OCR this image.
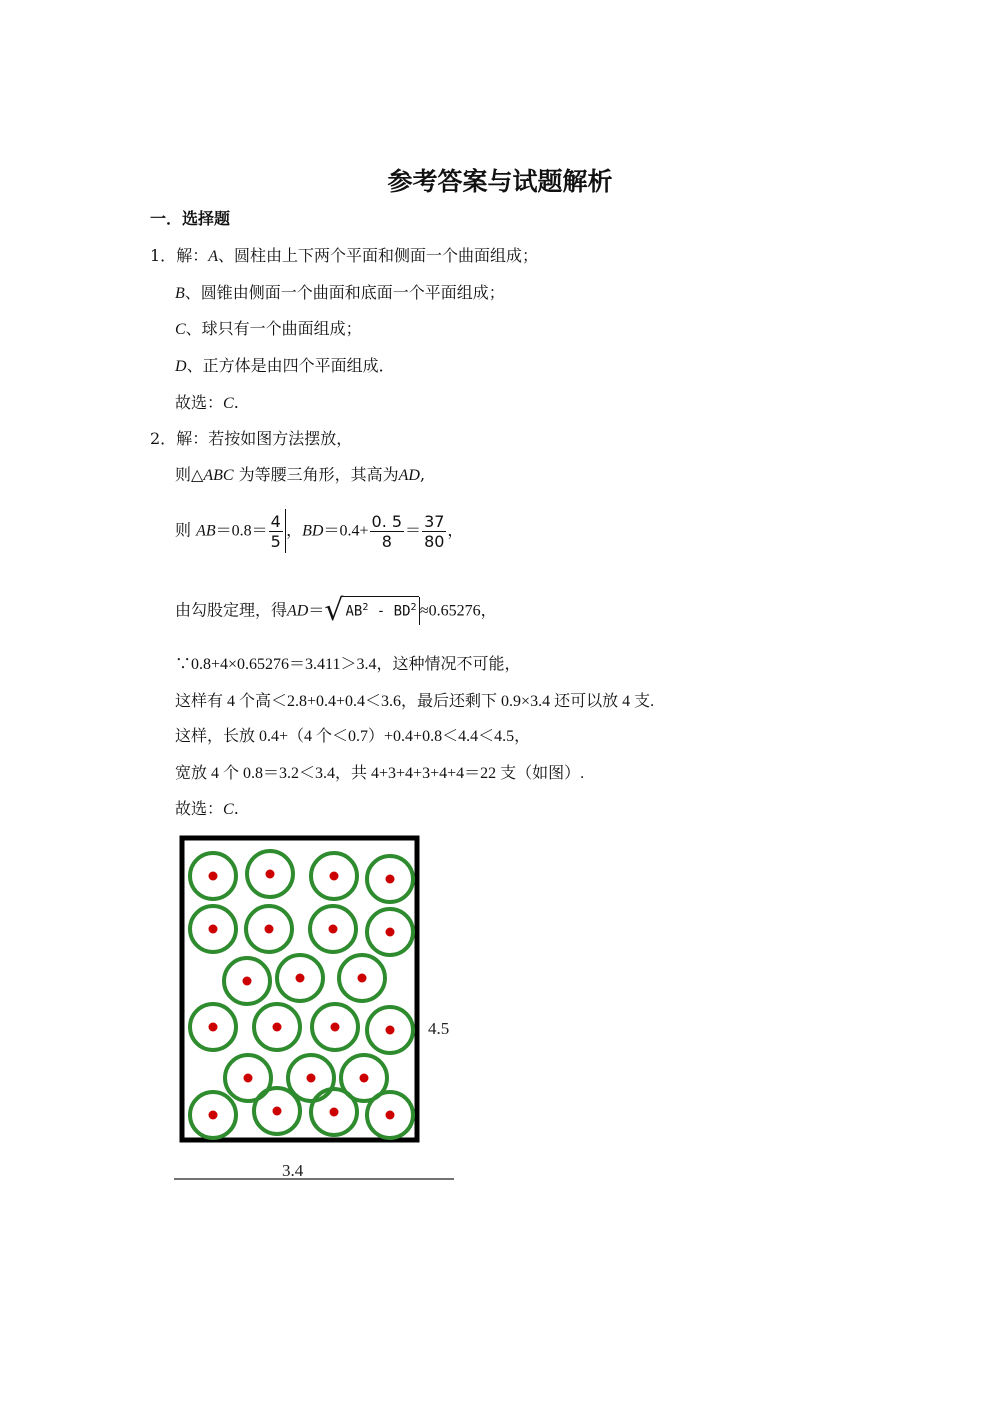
参考答案与试题解析
一．选择题
1．解：A、圆柱由上下两个平面和侧面一个曲面组成；
B、圆锥由侧面一个曲面和底面一个平面组成；
C、球只有一个曲面组成；
D、正方体是由四个平面组成．
故选：C.
2．解：若按如图方法摆放，
则△ABC 为等腰三角形，其高为AD,
则 $AB=0.8= \frac{4}{5}$ ，$BD=0.4+ \frac{0. 5}{8} = \frac{37}{80}$ ，
由勾股定理，得AD＝ √ $AB^2 - BD^2 \approx 0.65276$，
∵0.8+4×0.65276＝3.411＞3.4，这种情况不可能，
这样有 4 个高＜2.8+0.4+0.4＜3.6，最后还剩下 0.9×3.4 还可以放 4 支.
这样，长放 0.4+（4 个＜0.7）+0.4+0.8＜4.4＜4.5，
宽放 4 个 0.8＝3.2＜3.4，共 4+3+4+3+4+4＝22 支（如图）.
故选：C.
4.5
3.4
